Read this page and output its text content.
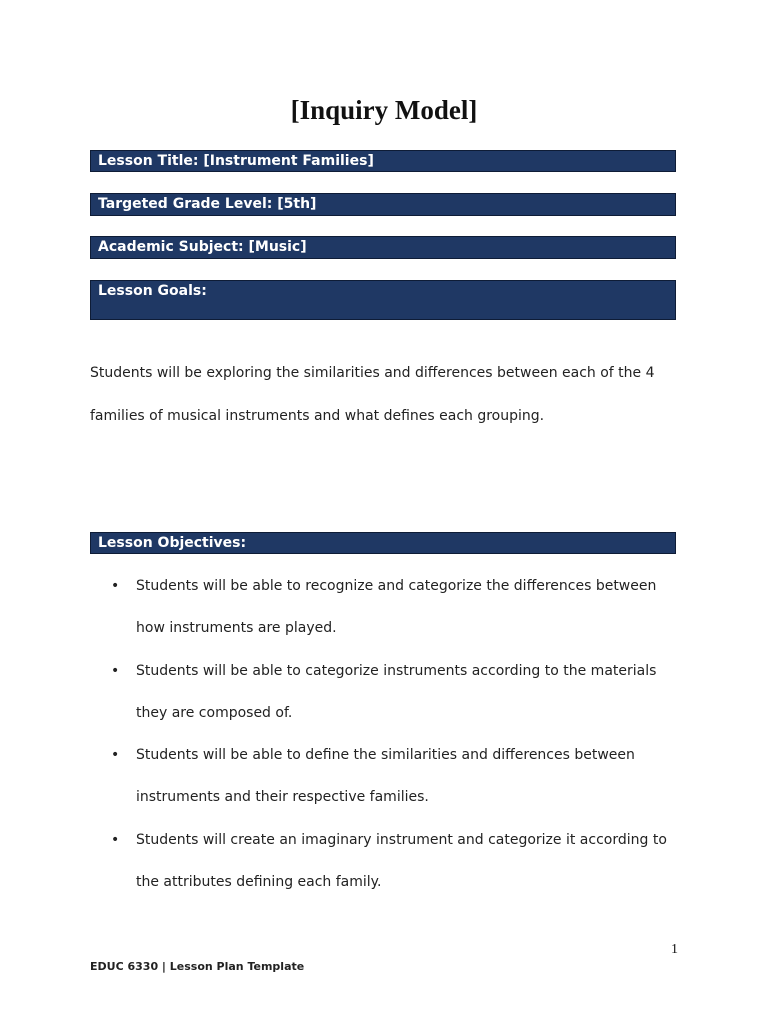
[Inquiry Model]
Lesson Title: [Instrument Families]
Targeted Grade Level: [5th]
Academic Subject: [Music]
Lesson Goals:

Students will be exploring the similarities and differences between each of the 4 families of musical instruments and what defines each grouping.

Lesson Objectives:
• Students will be able to recognize and categorize the differences between how instruments are played.
• Students will be able to categorize instruments according to the materials they are composed of.
• Students will be able to define the similarities and differences between instruments and their respective families.
• Students will create an imaginary instrument and categorize it according to the attributes defining each family.
1
EDUC 6330 | Lesson Plan Template
